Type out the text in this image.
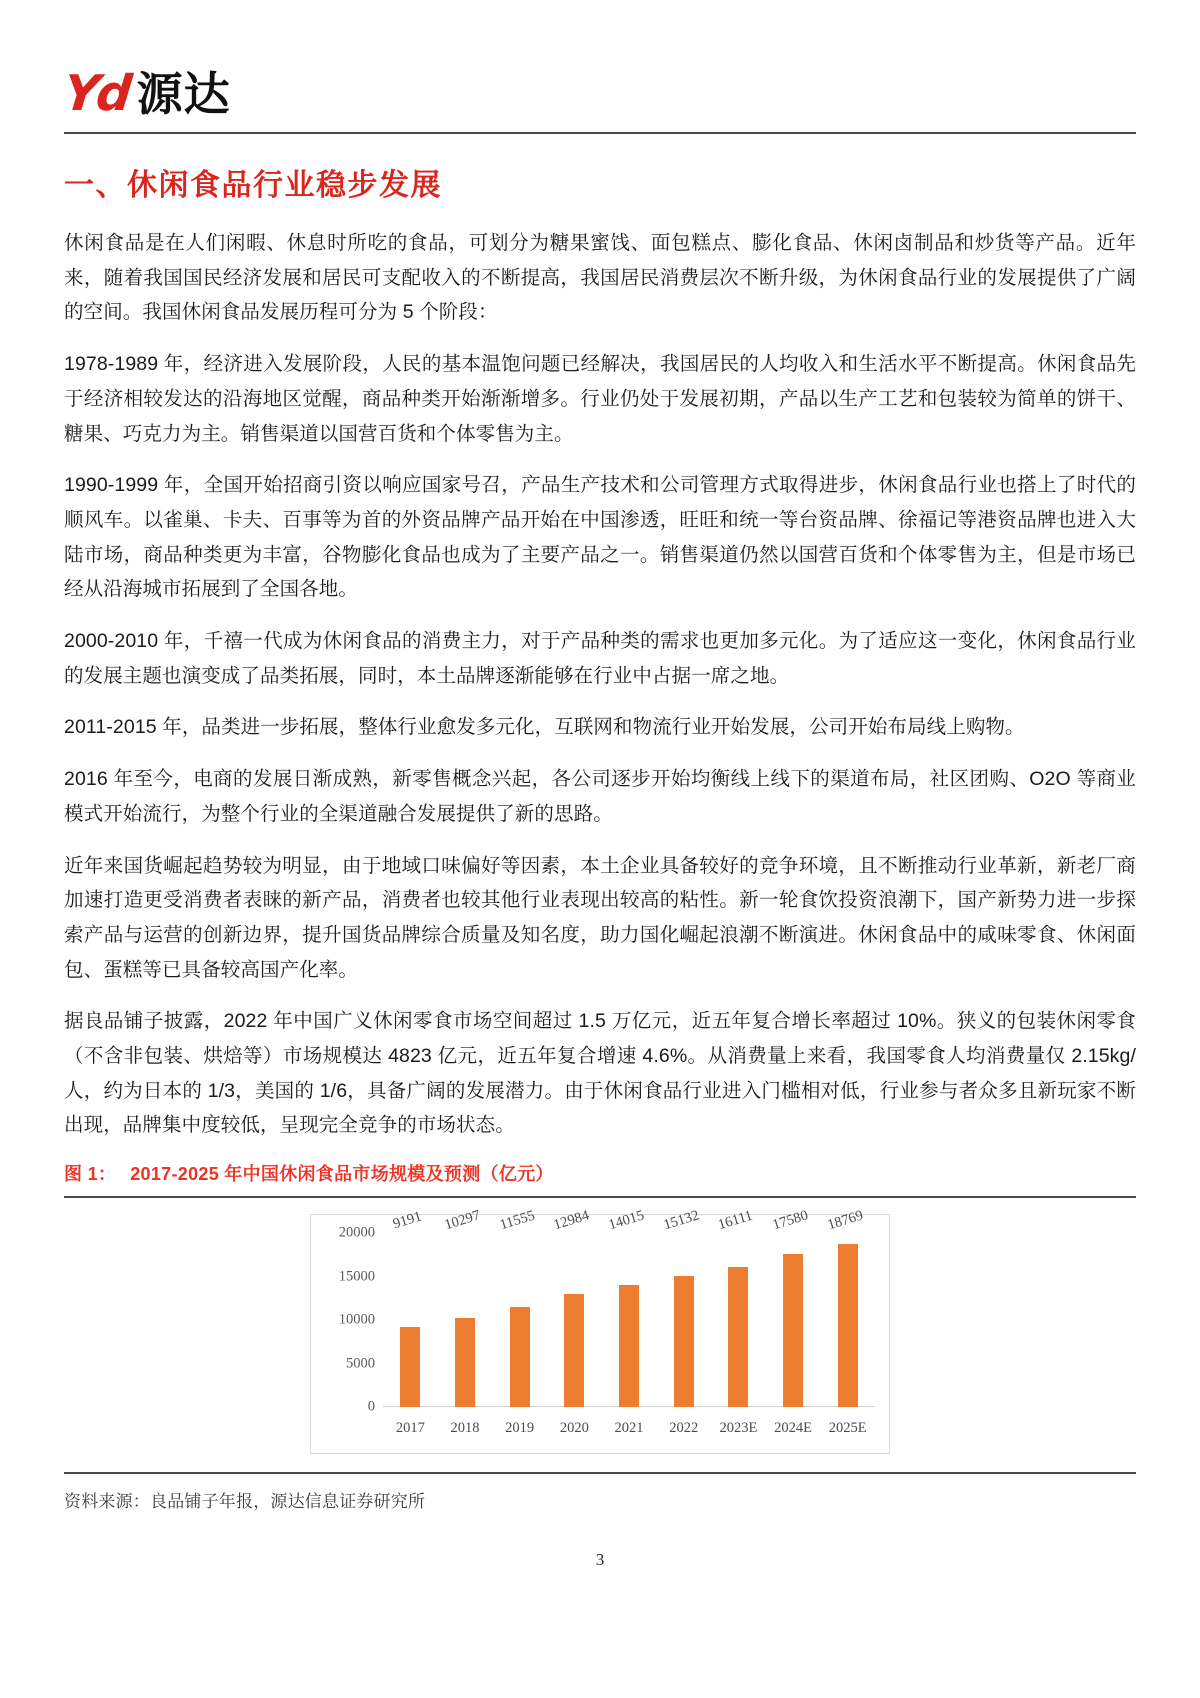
Yd 源达
一、休闲食品行业稳步发展

休闲食品是在人们闲暇、休息时所吃的食品，可划分为糖果蜜饯、面包糕点、膨化食品、休闲卤制品和炒货等产品。近年来，随着我国国民经济发展和居民可支配收入的不断提高，我国居民消费层次不断升级，为休闲食品行业的发展提供了广阔的空间。我国休闲食品发展历程可分为 5 个阶段：

1978-1989 年，经济进入发展阶段，人民的基本温饱问题已经解决，我国居民的人均收入和生活水平不断提高。休闲食品先于经济相较发达的沿海地区觉醒，商品种类开始渐渐增多。行业仍处于发展初期，产品以生产工艺和包装较为简单的饼干、糖果、巧克力为主。销售渠道以国营百货和个体零售为主。

1990-1999 年，全国开始招商引资以响应国家号召，产品生产技术和公司管理方式取得进步，休闲食品行业也搭上了时代的顺风车。以雀巢、卡夫、百事等为首的外资品牌产品开始在中国渗透，旺旺和统一等台资品牌、徐福记等港资品牌也进入大陆市场，商品种类更为丰富，谷物膨化食品也成为了主要产品之一。销售渠道仍然以国营百货和个体零售为主，但是市场已经从沿海城市拓展到了全国各地。

2000-2010 年，千禧一代成为休闲食品的消费主力，对于产品种类的需求也更加多元化。为了适应这一变化，休闲食品行业的发展主题也演变成了品类拓展，同时，本土品牌逐渐能够在行业中占据一席之地。

2011-2015 年，品类进一步拓展，整体行业愈发多元化，互联网和物流行业开始发展，公司开始布局线上购物。

2016 年至今，电商的发展日渐成熟，新零售概念兴起，各公司逐步开始均衡线上线下的渠道布局，社区团购、O2O 等商业模式开始流行，为整个行业的全渠道融合发展提供了新的思路。

近年来国货崛起趋势较为明显，由于地域口味偏好等因素，本土企业具备较好的竞争环境，且不断推动行业革新，新老厂商加速打造更受消费者表睐的新产品，消费者也较其他行业表现出较高的粘性。新一轮食饮投资浪潮下，国产新势力进一步探索产品与运营的创新边界，提升国货品牌综合质量及知名度，助力国化崛起浪潮不断演进。休闲食品中的咸味零食、休闲面包、蛋糕等已具备较高国产化率。

据良品铺子披露，2022 年中国广义休闲零食市场空间超过 1.5 万亿元，近五年复合增长率超过 10%。狭义的包装休闲零食（不含非包装、烘焙等）市场规模达 4823 亿元，近五年复合增速 4.6%。从消费量上来看，我国零食人均消费量仅 2.15kg/人，约为日本的 1/3，美国的 1/6，具备广阔的发展潜力。由于休闲食品行业进入门槛相对低，行业参与者众多且新玩家不断出现，品牌集中度较低，呈现完全竞争的市场状态。

图 1： 2017-2025 年中国休闲食品市场规模及预测（亿元）
9191 10297 11555 12984 14015 15132 16111 17580 18769
0
5000
10000
15000
20000
2017	2018	2019	2020	2021	2022	2023E	2024E	2025E
资料来源：良品铺子年报，源达信息证券研究所
3
